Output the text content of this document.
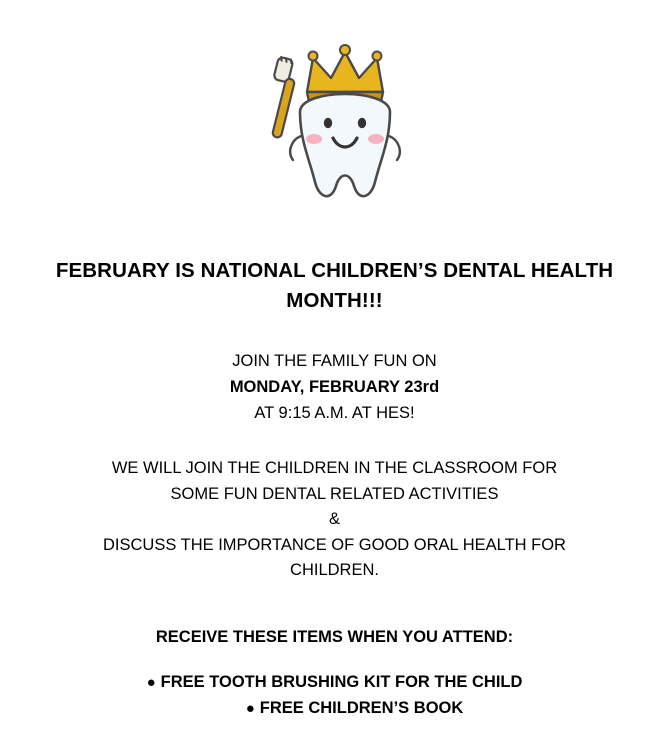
FEBRUARY IS NATIONAL CHILDREN’S DENTAL HEALTH MONTH!!!
JOIN THE FAMILY FUN ON
MONDAY, FEBRUARY 23rd
AT 9:15 A.M. AT HES!
WE WILL JOIN THE CHILDREN IN THE CLASSROOM FOR
SOME FUN DENTAL RELATED ACTIVITIES
&
DISCUSS THE IMPORTANCE OF GOOD ORAL HEALTH FOR
CHILDREN.
RECEIVE THESE ITEMS WHEN YOU ATTEND:
● FREE TOOTH BRUSHING KIT FOR THE CHILD
● FREE CHILDREN’S BOOK
